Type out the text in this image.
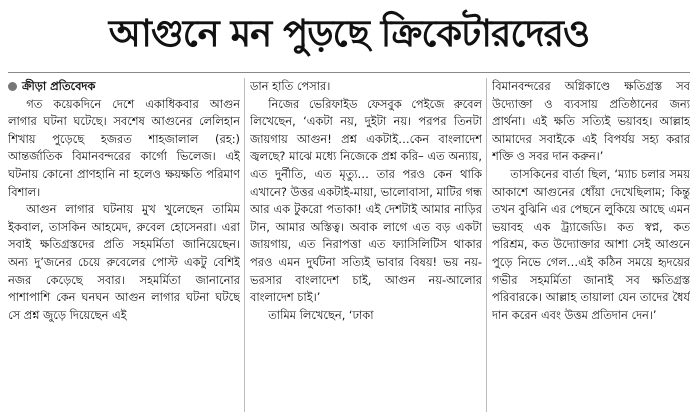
আগুনে মন পুড়ছে ক্রিকেটারদেরও
ক্রীড়া প্রতিবেদক

গত কয়েকদিনে দেশে একাধিকবার আগুন লাগার ঘটনা ঘটেছে। সবশেষ আগুনের লেলিহান শিখায় পুড়েছে হজরত শাহজালাল (রহ:) আন্তর্জাতিক বিমানবন্দরের কার্গো ভিলেজ। এই ঘটনায় কোনো প্রাণহানি না হলেও ক্ষয়ক্ষতি পরিমাণ বিশাল।

আগুন লাগার ঘটনায় মুখ খুলেছেন তামিম ইকবাল, তাসকিন আহমেদ, রুবেল হোসেনরা। এরা সবাই ক্ষতিগ্রস্তদের প্রতি সহমর্মিতা জানিয়েছেন। অন্য দু’জনের চেয়ে রুবেলের পোস্ট একটু বেশিই নজর কেড়েছে সবার। সহমর্মিতা জানানোর পাশাপাশি কেন ঘনঘন আগুন লাগার ঘটনা ঘটছে সে প্রশ্ন জুড়ে দিয়েছেন এই

ডান হাতি পেসার।

নিজের ভেরিফাইড ফেসবুক পেইজে রুবেল লিখেছেন, ‘একটা নয়, দুইটা নয়। পরপর তিনটা জায়গায় আগুন! প্রশ্ন একটাই…কেন বাংলাদেশ জ্বলছে? মাঝে মধ্যে নিজেকে প্রশ্ন করি– এত অন্যায়, এত দুর্নীতি, এত মৃত্যু… তার পরও কেন থাকি এখানে? উত্তর একটাই-মায়া, ভালোবাসা, মাটির গন্ধ আর এক টুকরো পতাকা! এই দেশটাই আমার নাড়ির টান, আমার অস্তিত্ব। অবাক লাগে এত বড় একটা জায়গায়, এত নিরাপত্তা এত ফ্যাসিলিটিস থাকার পরও এমন দুর্ঘটনা সত্যিই ভাবার বিষয়! ভয় নয়-ভরসার বাংলাদেশ চাই, আগুন নয়-আলোর বাংলাদেশ চাই।’

তামিম লিখেছেন, ‘ঢাকা

বিমানবন্দরের অগ্নিকাণ্ডে ক্ষতিগ্রস্ত সব উদ্যোক্তা ও ব্যবসায় প্রতিষ্ঠানের জন্য প্রার্থনা। এই ক্ষতি সত্যিই ভয়াবহ। আল্লাহ আমাদের সবাইকে এই বিপর্যয় সহ্য করার শক্তি ও সবর দান করুন।’

তাসকিনের বার্তা ছিল, ‘ম্যাচ চলার সময় আকাশে আগুনের ধোঁয়া দেখেছিলাম; কিন্তু তখন বুঝিনি এর পেছনে লুকিয়ে আছে এমন ভয়াবহ এক ট্র্যাজেডি। কত স্বপ্ন, কত পরিশ্রম, কত উদ্যোক্তার আশা সেই আগুনে পুড়ে নিভে গেল…এই কঠিন সময়ে হৃদয়ের গভীর সহমর্মিতা জানাই সব ক্ষতিগ্রস্ত পরিবারকে। আল্লাহ তায়ালা যেন তাদের ধৈর্য দান করেন এবং উত্তম প্রতিদান দেন।’
